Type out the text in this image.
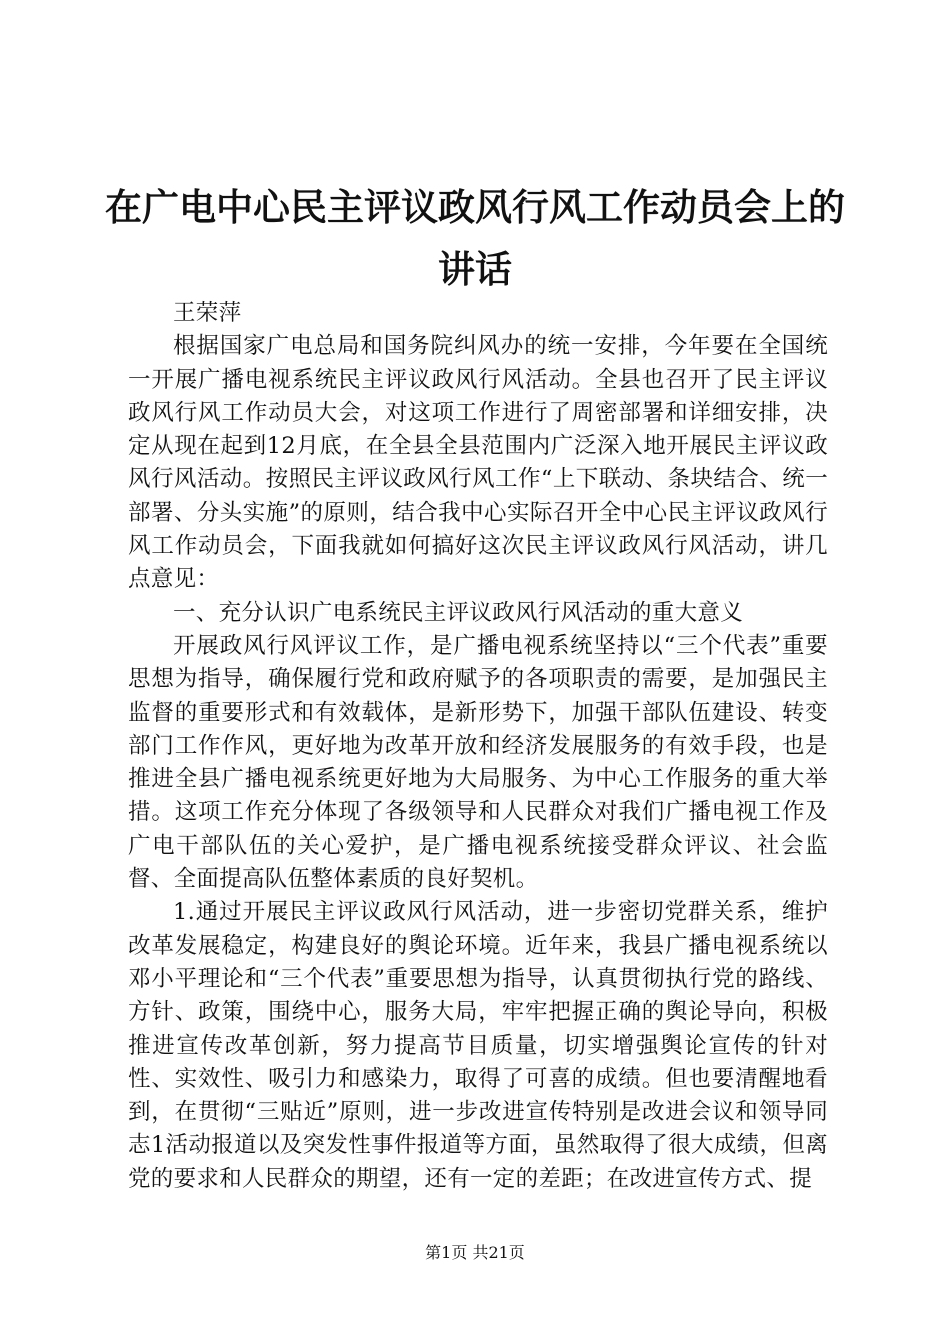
在广电中心民主评议政风行风工作动员会上的讲话

王荣萍

根据国家广电总局和国务院纠风办的统一安排，今年要在全国统一开展广播电视系统民主评议政风行风活动。全县也召开了民主评议政风行风工作动员大会，对这项工作进行了周密部署和详细安排，决定从现在起到12月底，在全县全县范围内广泛深入地开展民主评议政风行风活动。按照民主评议政风行风工作“上下联动、条块结合、统一部署、分头实施”的原则，结合我中心实际召开全中心民主评议政风行风工作动员会，下面我就如何搞好这次民主评议政风行风活动，讲几点意见：

一、充分认识广电系统民主评议政风行风活动的重大意义

开展政风行风评议工作，是广播电视系统坚持以“三个代表”重要思想为指导，确保履行党和政府赋予的各项职责的需要，是加强民主监督的重要形式和有效载体，是新形势下，加强干部队伍建设、转变部门工作作风，更好地为改革开放和经济发展服务的有效手段，也是推进全县广播电视系统更好地为大局服务、为中心工作服务的重大举措。这项工作充分体现了各级领导和人民群众对我们广播电视工作及广电干部队伍的关心爱护，是广播电视系统接受群众评议、社会监督、全面提高队伍整体素质的良好契机。

1.通过开展民主评议政风行风活动，进一步密切党群关系，维护改革发展稳定，构建良好的舆论环境。近年来，我县广播电视系统以邓小平理论和“三个代表”重要思想为指导，认真贯彻执行党的路线、方针、政策，围绕中心，服务大局，牢牢把握正确的舆论导向，积极推进宣传改革创新，努力提高节目质量，切实增强舆论宣传的针对性、实效性、吸引力和感染力，取得了可喜的成绩。但也要清醒地看到，在贯彻“三贴近”原则，进一步改进宣传特别是改进会议和领导同志1活动报道以及突发性事件报道等方面，虽然取得了很大成绩，但离党的要求和人民群众的期望，还有一定的差距；在改进宣传方式、提

第1页 共21页
